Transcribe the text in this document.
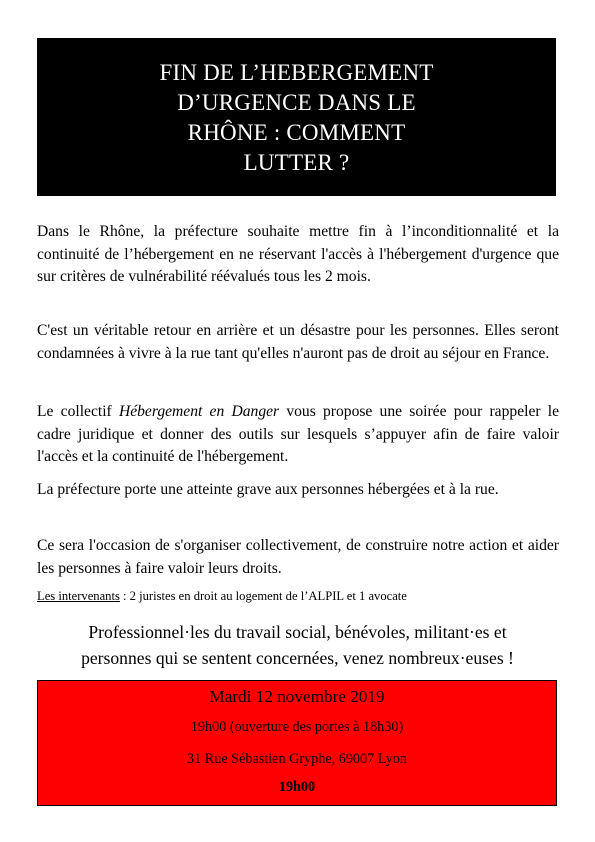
FIN DE L’HEBERGEMENT
D’URGENCE DANS LE
RHÔNE : COMMENT
LUTTER ?

Dans le Rhône, la préfecture souhaite mettre fin à l’inconditionnalité et la continuité de l’hébergement en ne réservant l'accès à l'hébergement d'urgence que sur critères de vulnérabilité réévalués tous les 2 mois.

C'est un véritable retour en arrière et un désastre pour les personnes. Elles seront condamnées à vivre à la rue tant qu'elles n'auront pas de droit au séjour en France.

Le collectif Hébergement en Danger vous propose une soirée pour rappeler le cadre juridique et donner des outils sur lesquels s’appuyer afin de faire valoir l'accès et la continuité de l'hébergement.

La préfecture porte une atteinte grave aux personnes hébergées et à la rue.

Ce sera l'occasion de s'organiser collectivement, de construire notre action et aider les personnes à faire valoir leurs droits.

Les intervenants : 2 juristes en droit au logement de l’ALPIL et 1 avocate
Professionnel·les du travail social, bénévoles, militant·es et
personnes qui se sentent concernées, venez nombreux·euses !
Mardi 12 novembre 2019
19h00 (ouverture des portes à 18h30)
31 Rue Sébastien Gryphe, 69007 Lyon
19h00
